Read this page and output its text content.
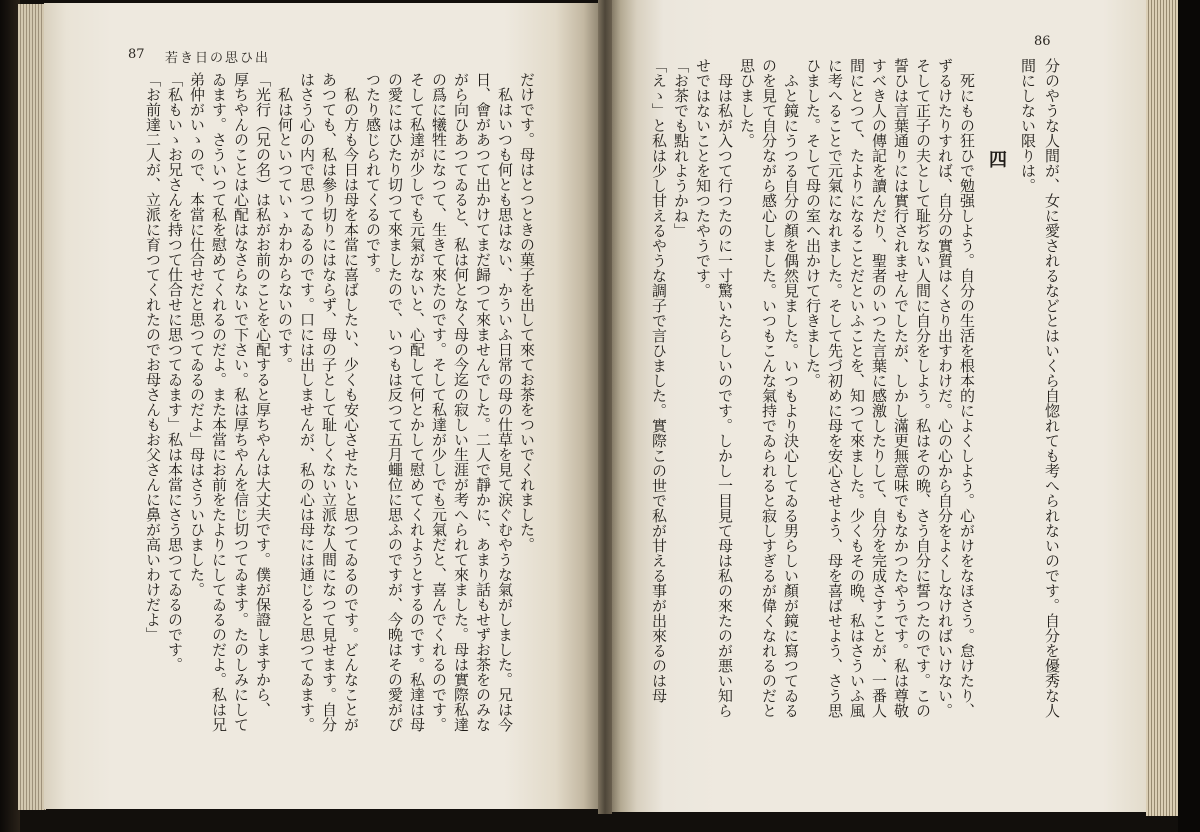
87 若き日の思ひ出
だけです。母はとつときの菓子を出して來てお茶をついでくれました。
私はいつも何とも思はない、かういふ日常の母の仕草を見て涙ぐむやうな氣がしました。兄は今
日、會があつて出かけてまだ歸つて來ませんでした。二人で靜かに、あまり話もせずお茶をのみな
がら向ひあつてゐると、私は何となく母の今迄の寂しい生涯が考へられて來ました。母は實際私達
の爲に犧牲になつて、生きて來たのです。そして私達が少しでも元氣だと、喜んでくれるのです。
そして私達が少しでも元氣がないと、心配して何とかして慰めてくれようとするのです。私達は母
の愛にはひたり切つて來ましたので、いつもは反つて五月蠅位に思ふのですが、今晩はその愛がぴ
つたり感じられてくるのです。
私の方も今日は母を本當に喜ばしたい、少くも安心させたいと思つてゐるのです。どんなことが
あつても、私は參り切りにはならず、母の子として耻しくない立派な人間になつて見せます。自分
はさう心の内で思つてゐるのです。口には出しませんが、私の心は母には通じると思つてゐます。
私は何といつていゝかわからないのです。
「光行（兄の名）は私がお前のことを心配すると厚ちやんは大丈夫です。僕が保證しますから、
厚ちやんのことは心配はなさらないで下さい。私は厚ちやんを信じ切つてゐます。たのしみにして
ゐます。さういつて私を慰めてくれるのだよ。また本當にお前をたよりにしてゐるのだよ。私は兄
弟仲がいゝので、本當に仕合せだと思つてゐるのだよ」母はさういひました。
「私もいゝお兄さんを持つて仕合せに思つてゐます」私は本當にさう思つてゐるのです。
「お前達二人が、立派に育つてくれたのでお母さんもお父さんに鼻が高いわけだよ」
86
分のやうな人間が、女に愛されるなどとはいくら自惚れても考へられないのです。自分を優秀な人
間にしない限りは。
四
死にもの狂ひで勉强しよう。自分の生活を根本的によくしよう。心がけをなほさう。怠けたり、
ずるけたりすれば、自分の實質はくさり出すわけだ。心の心から自分をよくしなければいけない。
そして正子の夫として耻ぢない人間に自分をしよう。私はその晩、さう自分に誓つたのです。この
誓ひは言葉通りには實行されませんでしたが、しかし滿更無意味でもなかつたやうです。私は尊敬
すべき人の傳記を讀んだり、聖者のいつた言葉に感激したりして、自分を完成さすことが、一番人
間にとつて、たよりになることだといふことを、知つて來ました。少くもその晩、私はさういふ風
に考へることで元氣になれました。そして先づ初めに母を安心させよう、母を喜ばせよう、さう思
ひました。そして母の室へ出かけて行きました。
ふと鏡にうつる自分の顏を偶然見ました。いつもより決心してゐる男らしい顏が鏡に寫つてゐる
のを見て自分ながら感心しました。いつもこんな氣持でゐられると寂しすぎるが偉くなれるのだと
思ひました。
母は私が入つて行つたのに一寸驚いたらしいのです。しかし一目見て母は私の來たのが悪い知ら
せではないことを知つたやうです。
「お茶でも點れようかね」
「えゝ」と私は少し甘えるやうな調子で言ひました。實際この世で私が甘える事が出來るのは母
